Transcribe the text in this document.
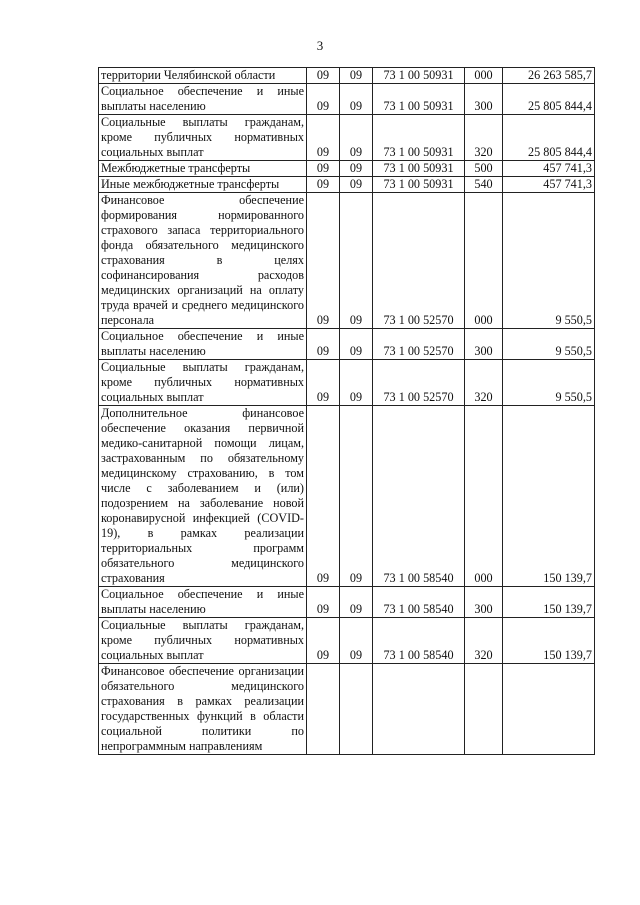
3
территории Челябинской области	09	09	73 1 00 50931	000	26 263 585,7
Социальное обеспечение и иные выплаты населению	09	09	73 1 00 50931	300	25 805 844,4
Социальные выплаты гражданам, кроме публичных нормативных социальных выплат	09	09	73 1 00 50931	320	25 805 844,4
Межбюджетные трансферты	09	09	73 1 00 50931	500	457 741,3
Иные межбюджетные трансферты	09	09	73 1 00 50931	540	457 741,3
Финансовое обеспечение формирования нормированного страхового запаса территориального фонда обязательного медицинского страхования в целях софинансирования расходов медицинских организаций на оплату труда врачей и среднего медицинского персонала	09	09	73 1 00 52570	000	9 550,5
Социальное обеспечение и иные выплаты населению	09	09	73 1 00 52570	300	9 550,5
Социальные выплаты гражданам, кроме публичных нормативных социальных выплат	09	09	73 1 00 52570	320	9 550,5
Дополнительное финансовое обеспечение оказания первичной медико-санитарной помощи лицам, застрахованным по обязательному медицинскому страхованию, в том числе с заболеванием и (или) подозрением на заболевание новой коронавирусной инфекцией (COVID-19), в рамках реализации территориальных программ обязательного медицинского страхования	09	09	73 1 00 58540	000	150 139,7
Социальное обеспечение и иные выплаты населению	09	09	73 1 00 58540	300	150 139,7
Социальные выплаты гражданам, кроме публичных нормативных социальных выплат	09	09	73 1 00 58540	320	150 139,7
Финансовое обеспечение организации обязательного медицинского страхования в рамках реализации государственных функций в области социальной политики по непрограммным направлениям					
